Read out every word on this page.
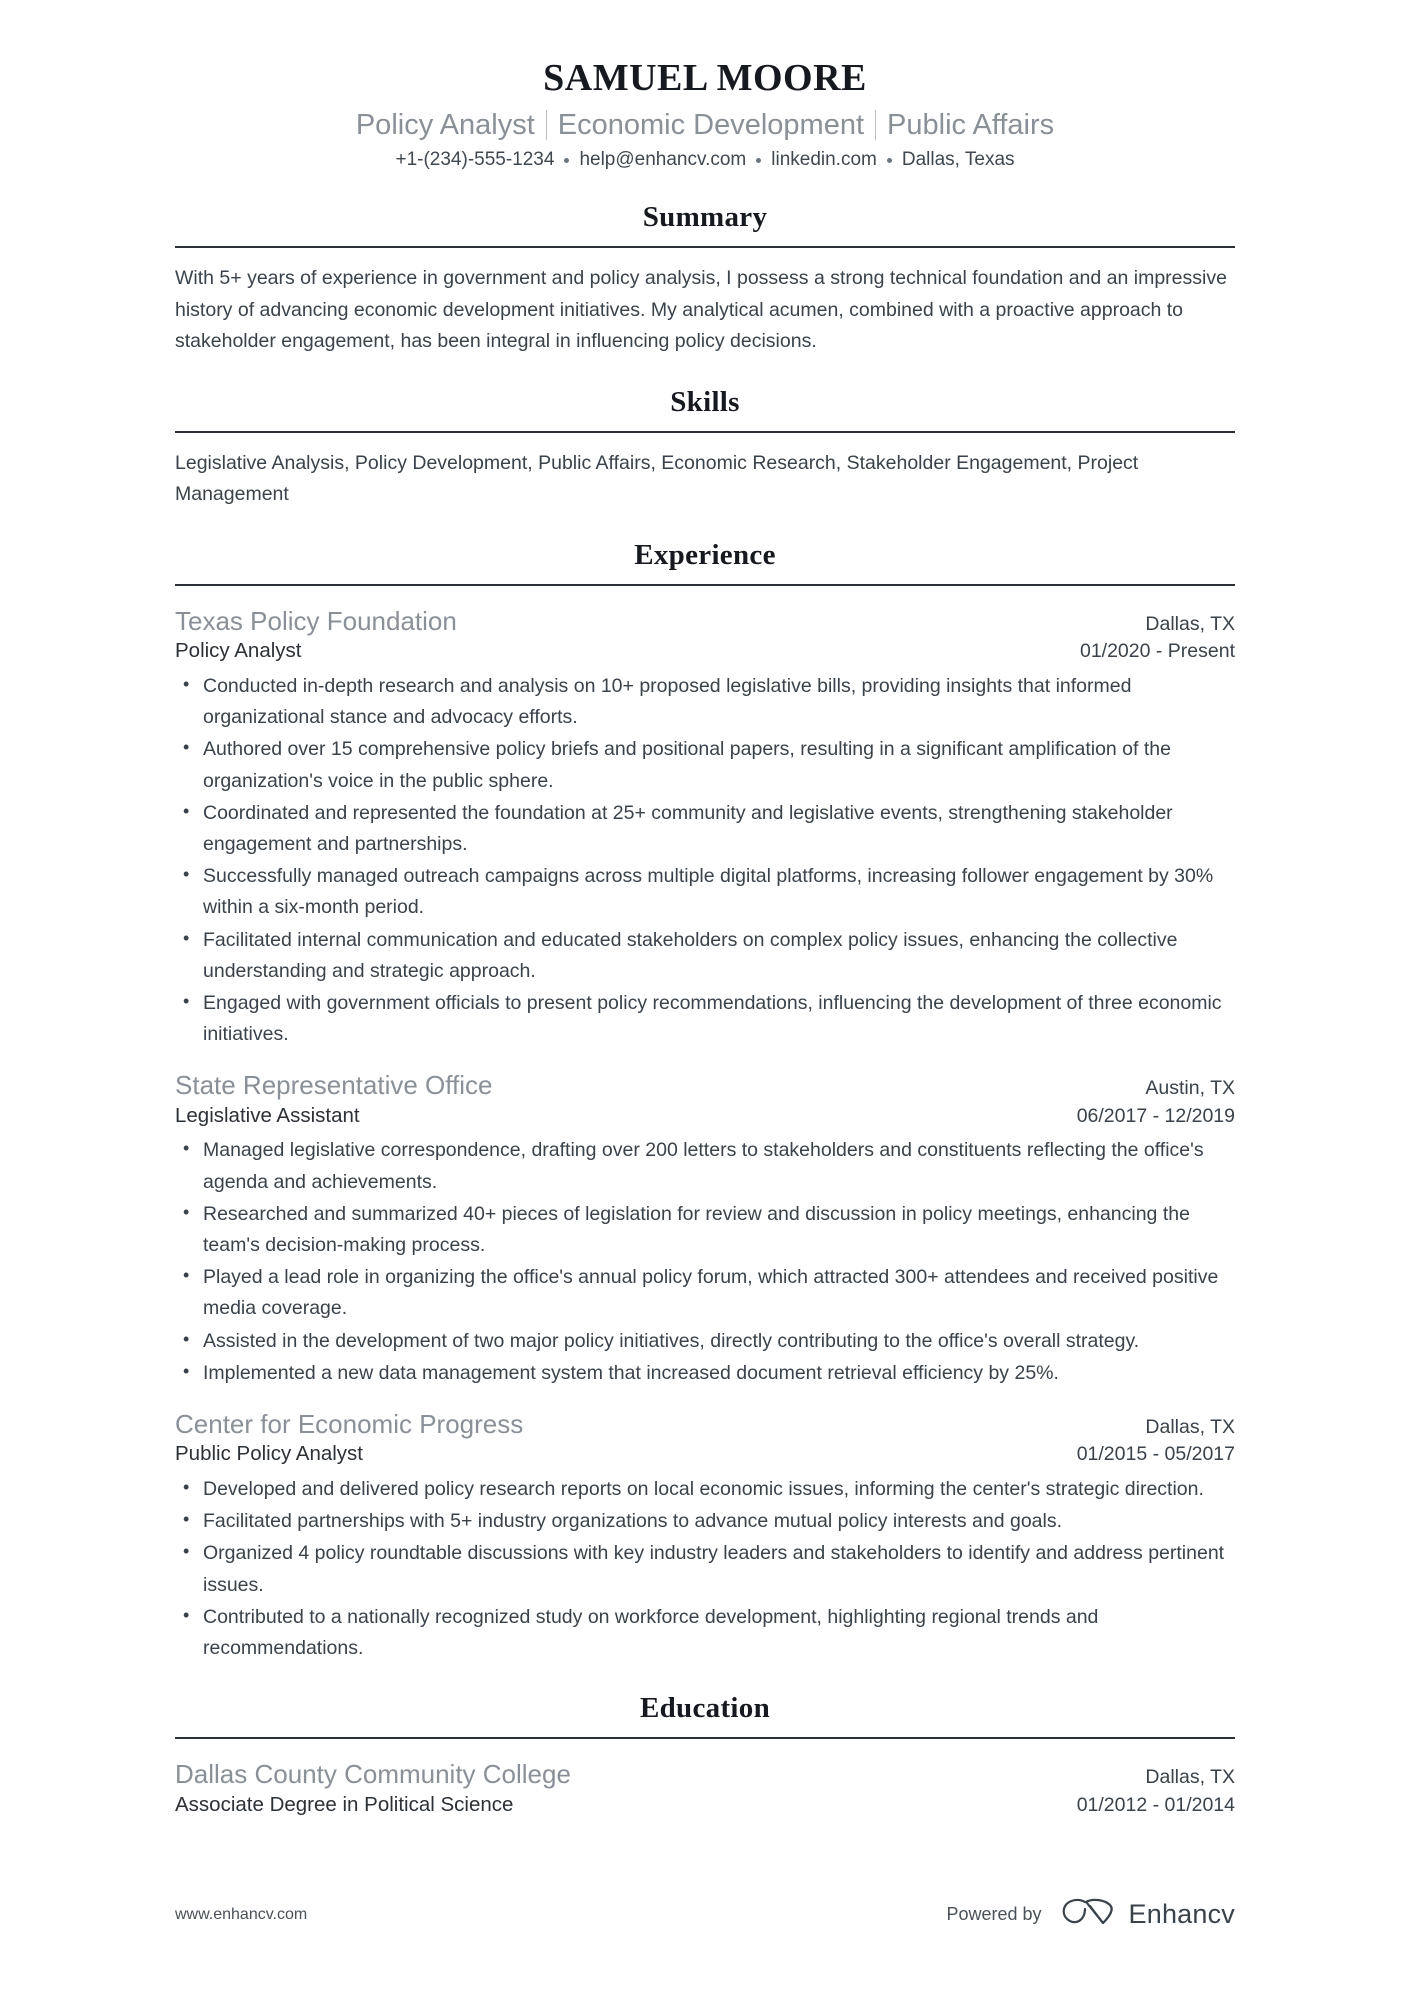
SAMUEL MOORE
Policy Analyst Economic Development Public Affairs
+1-(234)-555-1234	help@enhancv.com	linkedin.com	Dallas, Texas
Summary
With 5+ years of experience in government and policy analysis, I possess a strong technical foundation and an impressive history of advancing economic development initiatives. My analytical acumen, combined with a proactive approach to stakeholder engagement, has been integral in influencing policy decisions.
Skills
Legislative Analysis, Policy Development, Public Affairs, Economic Research, Stakeholder Engagement, Project Management
Experience
Texas Policy Foundation	Dallas, TX
Policy Analyst	01/2020 - Present
• Conducted in-depth research and analysis on 10+ proposed legislative bills, providing insights that informed organizational stance and advocacy efforts.
• Authored over 15 comprehensive policy briefs and positional papers, resulting in a significant amplification of the organization's voice in the public sphere.
• Coordinated and represented the foundation at 25+ community and legislative events, strengthening stakeholder engagement and partnerships.
• Successfully managed outreach campaigns across multiple digital platforms, increasing follower engagement by 30% within a six-month period.
• Facilitated internal communication and educated stakeholders on complex policy issues, enhancing the collective understanding and strategic approach.
• Engaged with government officials to present policy recommendations, influencing the development of three economic initiatives.
State Representative Office	Austin, TX
Legislative Assistant	06/2017 - 12/2019
• Managed legislative correspondence, drafting over 200 letters to stakeholders and constituents reflecting the office's agenda and achievements.
• Researched and summarized 40+ pieces of legislation for review and discussion in policy meetings, enhancing the team's decision-making process.
• Played a lead role in organizing the office's annual policy forum, which attracted 300+ attendees and received positive media coverage.
• Assisted in the development of two major policy initiatives, directly contributing to the office's overall strategy.
• Implemented a new data management system that increased document retrieval efficiency by 25%.
Center for Economic Progress	Dallas, TX
Public Policy Analyst	01/2015 - 05/2017
• Developed and delivered policy research reports on local economic issues, informing the center's strategic direction.
• Facilitated partnerships with 5+ industry organizations to advance mutual policy interests and goals.
• Organized 4 policy roundtable discussions with key industry leaders and stakeholders to identify and address pertinent issues.
• Contributed to a nationally recognized study on workforce development, highlighting regional trends and recommendations.
Education
Dallas County Community College	Dallas, TX
Associate Degree in Political Science	01/2012 - 01/2014
www.enhancv.com	Powered by	Enhancv
